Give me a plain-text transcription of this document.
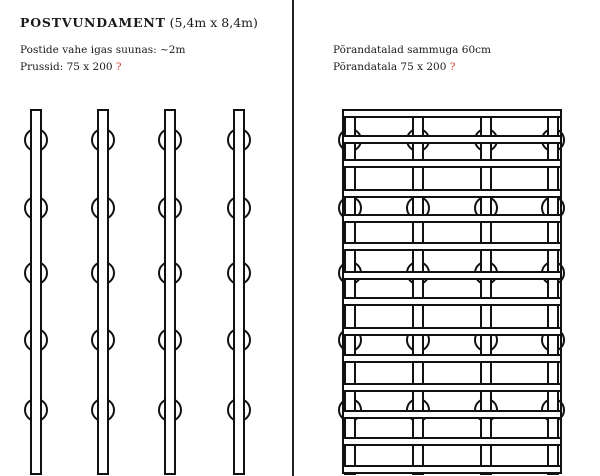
POSTVUNDAMENT (5,4m x 8,4m)

Postide vahe igas suunas: ~2m

Prussid: 75 x 200 ?

Põrandatalad sammuga 60cm

Põrandatala 75 x 200 ?
